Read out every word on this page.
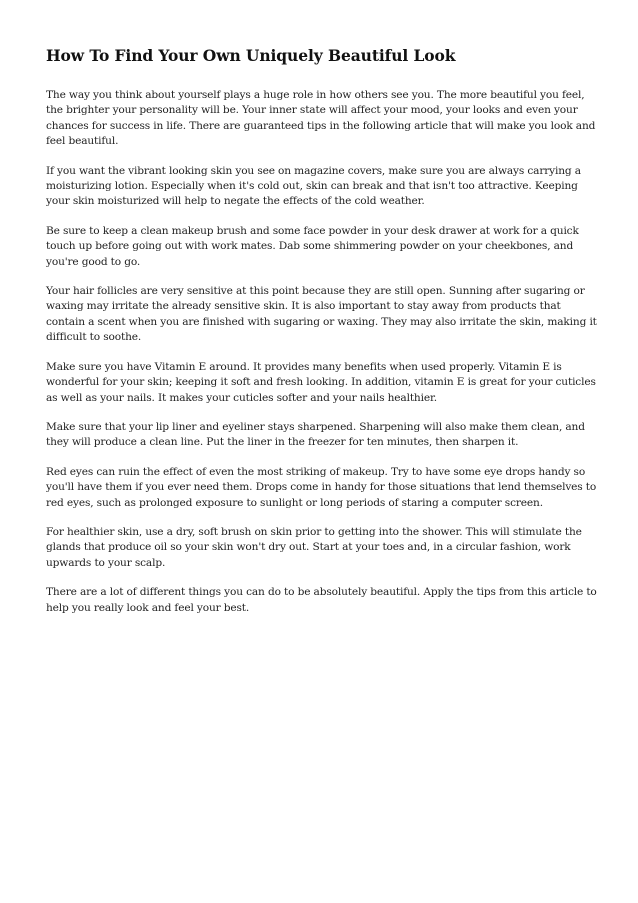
How To Find Your Own Uniquely Beautiful Look

The way you think about yourself plays a huge role in how others see you. The more beautiful you feel, the brighter your personality will be. Your inner state will affect your mood, your looks and even your chances for success in life. There are guaranteed tips in the following article that will make you look and feel beautiful.

If you want the vibrant looking skin you see on magazine covers, make sure you are always carrying a moisturizing lotion. Especially when it's cold out, skin can break and that isn't too attractive. Keeping your skin moisturized will help to negate the effects of the cold weather.

Be sure to keep a clean makeup brush and some face powder in your desk drawer at work for a quick touch up before going out with work mates. Dab some shimmering powder on your cheekbones, and you're good to go.

Your hair follicles are very sensitive at this point because they are still open. Sunning after sugaring or waxing may irritate the already sensitive skin. It is also important to stay away from products that contain a scent when you are finished with sugaring or waxing. They may also irritate the skin, making it difficult to soothe.

Make sure you have Vitamin E around. It provides many benefits when used properly. Vitamin E is wonderful for your skin; keeping it soft and fresh looking. In addition, vitamin E is great for your cuticles as well as your nails. It makes your cuticles softer and your nails healthier.

Make sure that your lip liner and eyeliner stays sharpened. Sharpening will also make them clean, and they will produce a clean line. Put the liner in the freezer for ten minutes, then sharpen it.

Red eyes can ruin the effect of even the most striking of makeup. Try to have some eye drops handy so you'll have them if you ever need them. Drops come in handy for those situations that lend themselves to red eyes, such as prolonged exposure to sunlight or long periods of staring a computer screen.

For healthier skin, use a dry, soft brush on skin prior to getting into the shower. This will stimulate the glands that produce oil so your skin won't dry out. Start at your toes and, in a circular fashion, work upwards to your scalp.

There are a lot of different things you can do to be absolutely beautiful. Apply the tips from this article to help you really look and feel your best.
